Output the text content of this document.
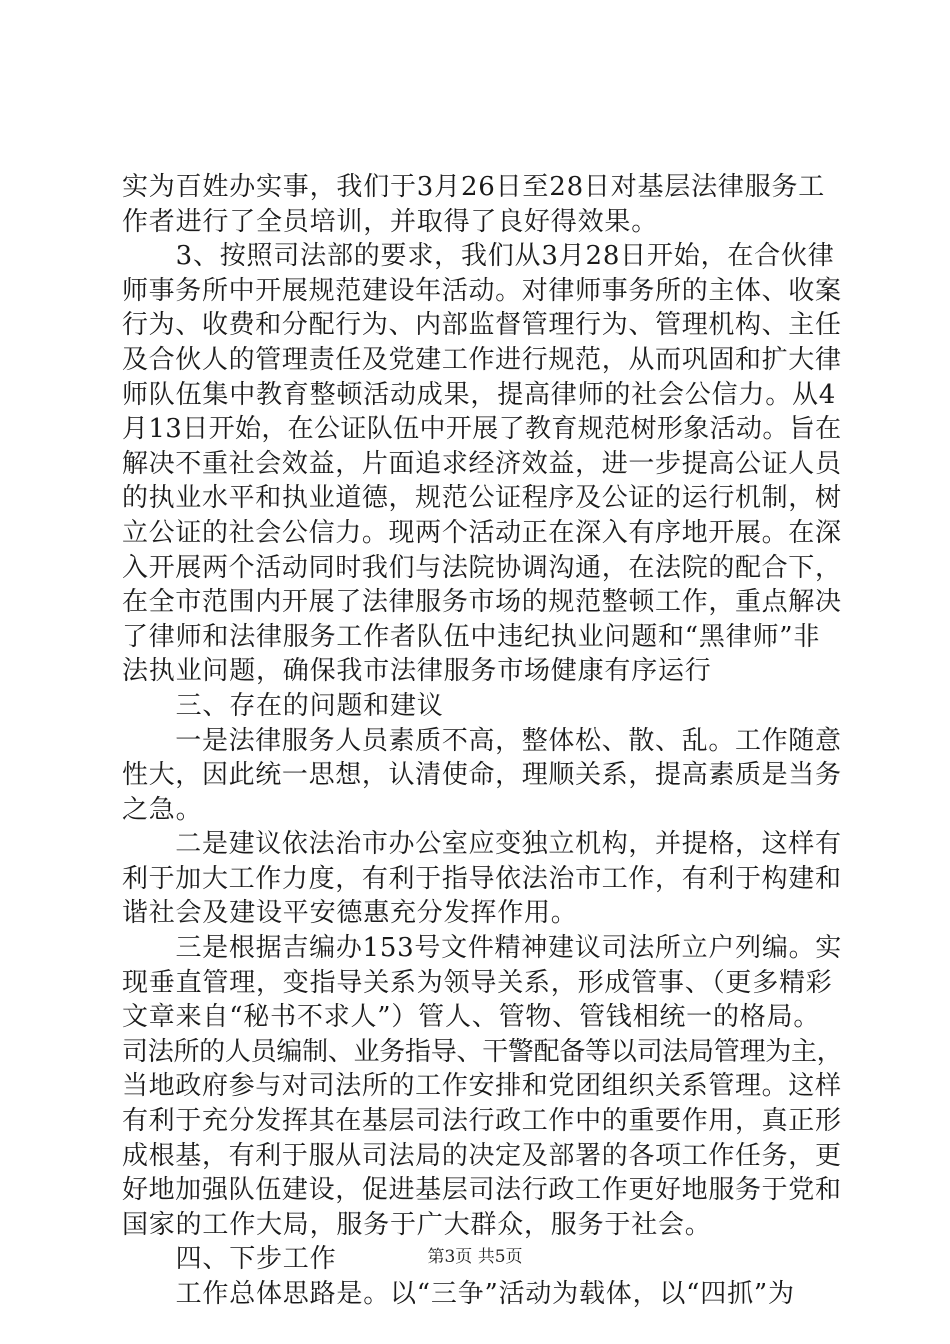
实为百姓办实事，我们于3月26日至28日对基层法律服务工
作者进行了全员培训，并取得了良好得效果。
　　3、按照司法部的要求，我们从3月28日开始，在合伙律
师事务所中开展规范建设年活动。对律师事务所的主体、收案
行为、收费和分配行为、内部监督管理行为、管理机构、主任
及合伙人的管理责任及党建工作进行规范，从而巩固和扩大律
师队伍集中教育整顿活动成果，提高律师的社会公信力。从4
月13日开始，在公证队伍中开展了教育规范树形象活动。旨在
解决不重社会效益，片面追求经济效益，进一步提高公证人员
的执业水平和执业道德，规范公证程序及公证的运行机制，树
立公证的社会公信力。现两个活动正在深入有序地开展。在深
入开展两个活动同时我们与法院协调沟通，在法院的配合下，
在全市范围内开展了法律服务市场的规范整顿工作，重点解决
了律师和法律服务工作者队伍中违纪执业问题和“黑律师”非
法执业问题，确保我市法律服务市场健康有序运行
　　三、存在的问题和建议
　　一是法律服务人员素质不高，整体松、散、乱。工作随意
性大，因此统一思想，认清使命，理顺关系，提高素质是当务
之急。
　　二是建议依法治市办公室应变独立机构，并提格，这样有
利于加大工作力度，有利于指导依法治市工作，有利于构建和
谐社会及建设平安德惠充分发挥作用。
　　三是根据吉编办153号文件精神建议司法所立户列编。实
现垂直管理，变指导关系为领导关系，形成管事、（更多精彩
文章来自“秘书不求人”）管人、管物、管钱相统一的格局。
司法所的人员编制、业务指导、干警配备等以司法局管理为主，
当地政府参与对司法所的工作安排和党团组织关系管理。这样
有利于充分发挥其在基层司法行政工作中的重要作用，真正形
成根基，有利于服从司法局的决定及部署的各项工作任务，更
好地加强队伍建设，促进基层司法行政工作更好地服务于党和
国家的工作大局，服务于广大群众，服务于社会。
　　四、下步工作
　　工作总体思路是。以“三争”活动为载体，以“四抓”为
第3页 共5页
